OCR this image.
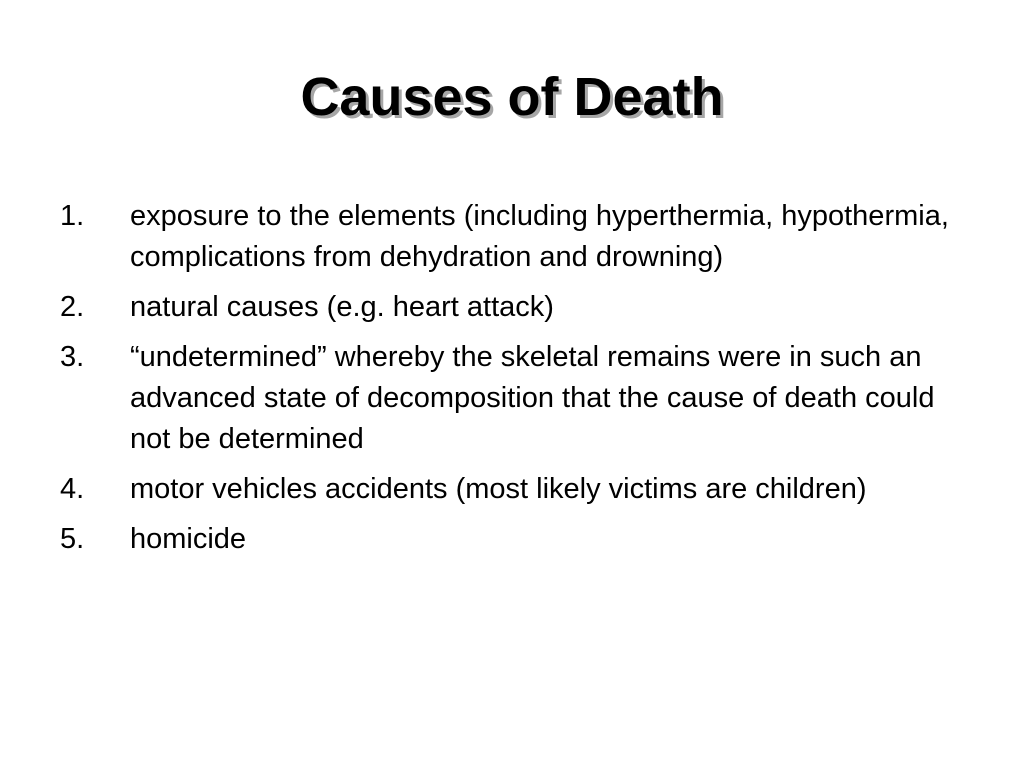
Causes of Death
1.	exposure to the elements (including hyperthermia, hypothermia, complications from dehydration and drowning)
2.	natural causes (e.g. heart attack)
3.	“undetermined” whereby the skeletal remains were in such an advanced state of decomposition that the cause of death could not be determined
4.	motor vehicles accidents (most likely victims are children)
5.	homicide
